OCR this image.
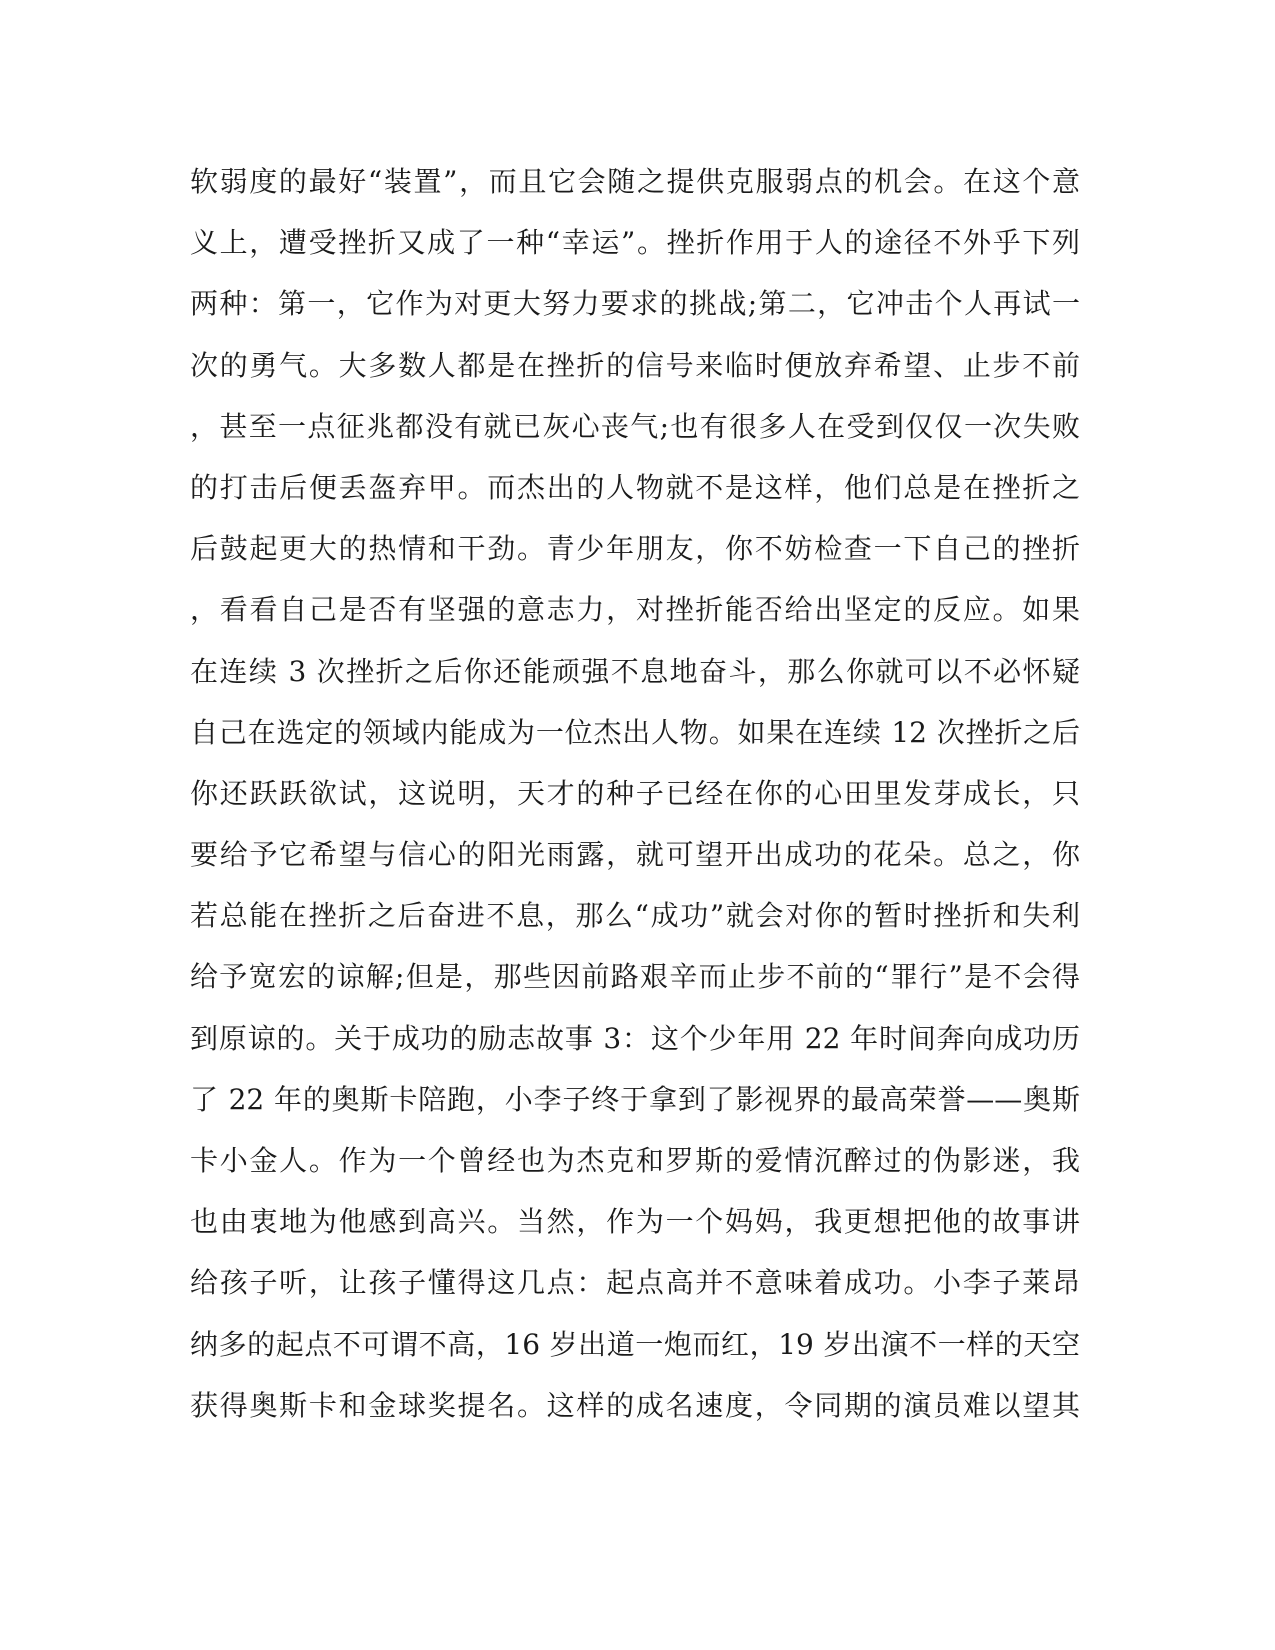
软弱度的最好“装置”，而且它会随之提供克服弱点的机会。在这个意
义上，遭受挫折又成了一种“幸运”。挫折作用于人的途径不外乎下列
两种：第一，它作为对更大努力要求的挑战;第二，它冲击个人再试一
次的勇气。大多数人都是在挫折的信号来临时便放弃希望、止步不前
，甚至一点征兆都没有就已灰心丧气;也有很多人在受到仅仅一次失败
的打击后便丢盔弃甲。而杰出的人物就不是这样，他们总是在挫折之
后鼓起更大的热情和干劲。青少年朋友，你不妨检查一下自己的挫折
，看看自己是否有坚强的意志力，对挫折能否给出坚定的反应。如果
在连续 3 次挫折之后你还能顽强不息地奋斗，那么你就可以不必怀疑
自己在选定的领域内能成为一位杰出人物。如果在连续 12 次挫折之后
你还跃跃欲试，这说明，天才的种子已经在你的心田里发芽成长，只
要给予它希望与信心的阳光雨露，就可望开出成功的花朵。总之，你
若总能在挫折之后奋进不息，那么“成功”就会对你的暂时挫折和失利
给予宽宏的谅解;但是，那些因前路艰辛而止步不前的“罪行”是不会得
到原谅的。关于成功的励志故事 3：这个少年用 22 年时间奔向成功历
了 22 年的奥斯卡陪跑，小李子终于拿到了影视界的最高荣誉——奥斯
卡小金人。作为一个曾经也为杰克和罗斯的爱情沉醉过的伪影迷，我
也由衷地为他感到高兴。当然，作为一个妈妈，我更想把他的故事讲
给孩子听，让孩子懂得这几点：起点高并不意味着成功。小李子莱昂
纳多的起点不可谓不高，16 岁出道一炮而红，19 岁出演不一样的天空
获得奥斯卡和金球奖提名。这样的成名速度，令同期的演员难以望其
